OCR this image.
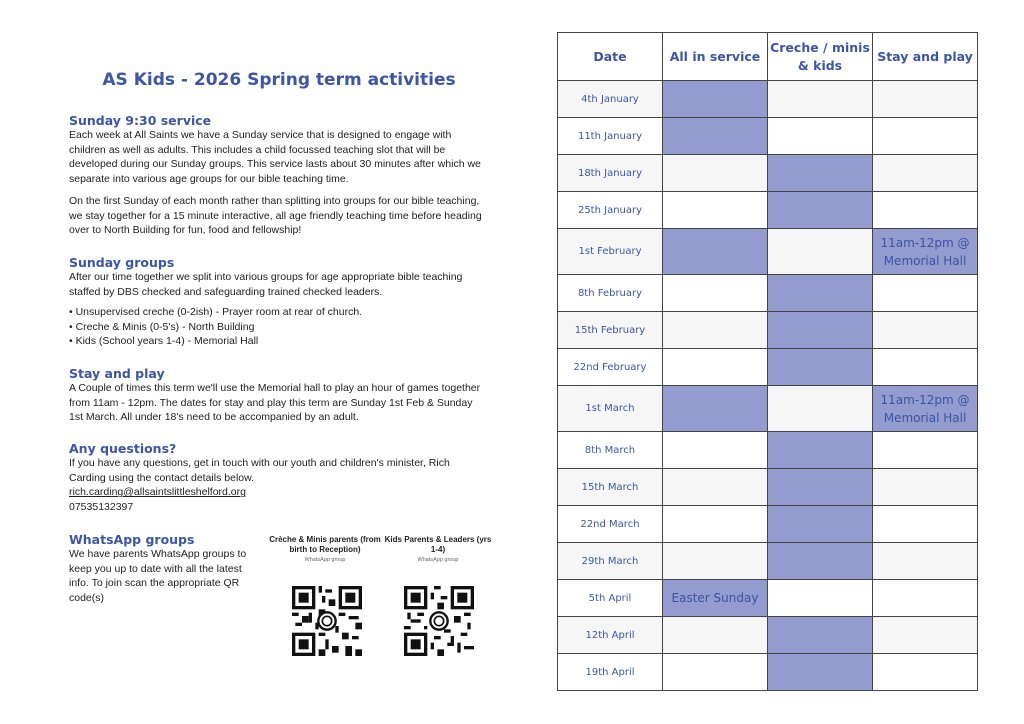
AS Kids - 2026 Spring term activities
Sunday 9:30 service

Each week at All Saints we have a Sunday service that is designed to engage with children as well as adults. This includes a child focussed teaching slot that will be developed during our Sunday groups. This service lasts about 30 minutes after which we separate into various age groups for our bible teaching time.

On the first Sunday of each month rather than splitting into groups for our bible teaching, we stay together for a 15 minute interactive, all age friendly teaching time before heading over to North Building for fun, food and fellowship!

Sunday groups

After our time together we split into various groups for age appropriate bible teaching staffed by DBS checked and safeguarding trained checked leaders.

• Unsupervised creche (0-2ish) - Prayer room at rear of church.
• Creche & Minis (0-5's) - North Building
• Kids (School years 1-4) - Memorial Hall
Stay and play

A Couple of times this term we'll use the Memorial hall to play an hour of games together from 11am - 12pm. The dates for stay and play this term are Sunday 1st Feb & Sunday 1st March. All under 18's need to be accompanied by an adult.

Any questions?

If you have any questions, get in touch with our youth and children's minister, Rich Carding using the contact details below.

rich.carding@allsaintslittleshelford.org

07535132397

WhatsApp groups

We have parents WhatsApp groups to keep you up to date with all the latest info. To join scan the appropriate QR code(s)

Crèche & Minis parents (from birth to Reception)
WhatsApp group
Kids Parents & Leaders (yrs 1-4)
WhatsApp group
Date	All in service	Creche / minis & kids	Stay and play
4th January			
11th January			
18th January			
25th January			
1st February			11am-12pm @ Memorial Hall
8th February			
15th February			
22nd February			
1st March			11am-12pm @ Memorial Hall
8th March			
15th March			
22nd March			
29th March			
5th April	Easter Sunday		
12th April			
19th April			
